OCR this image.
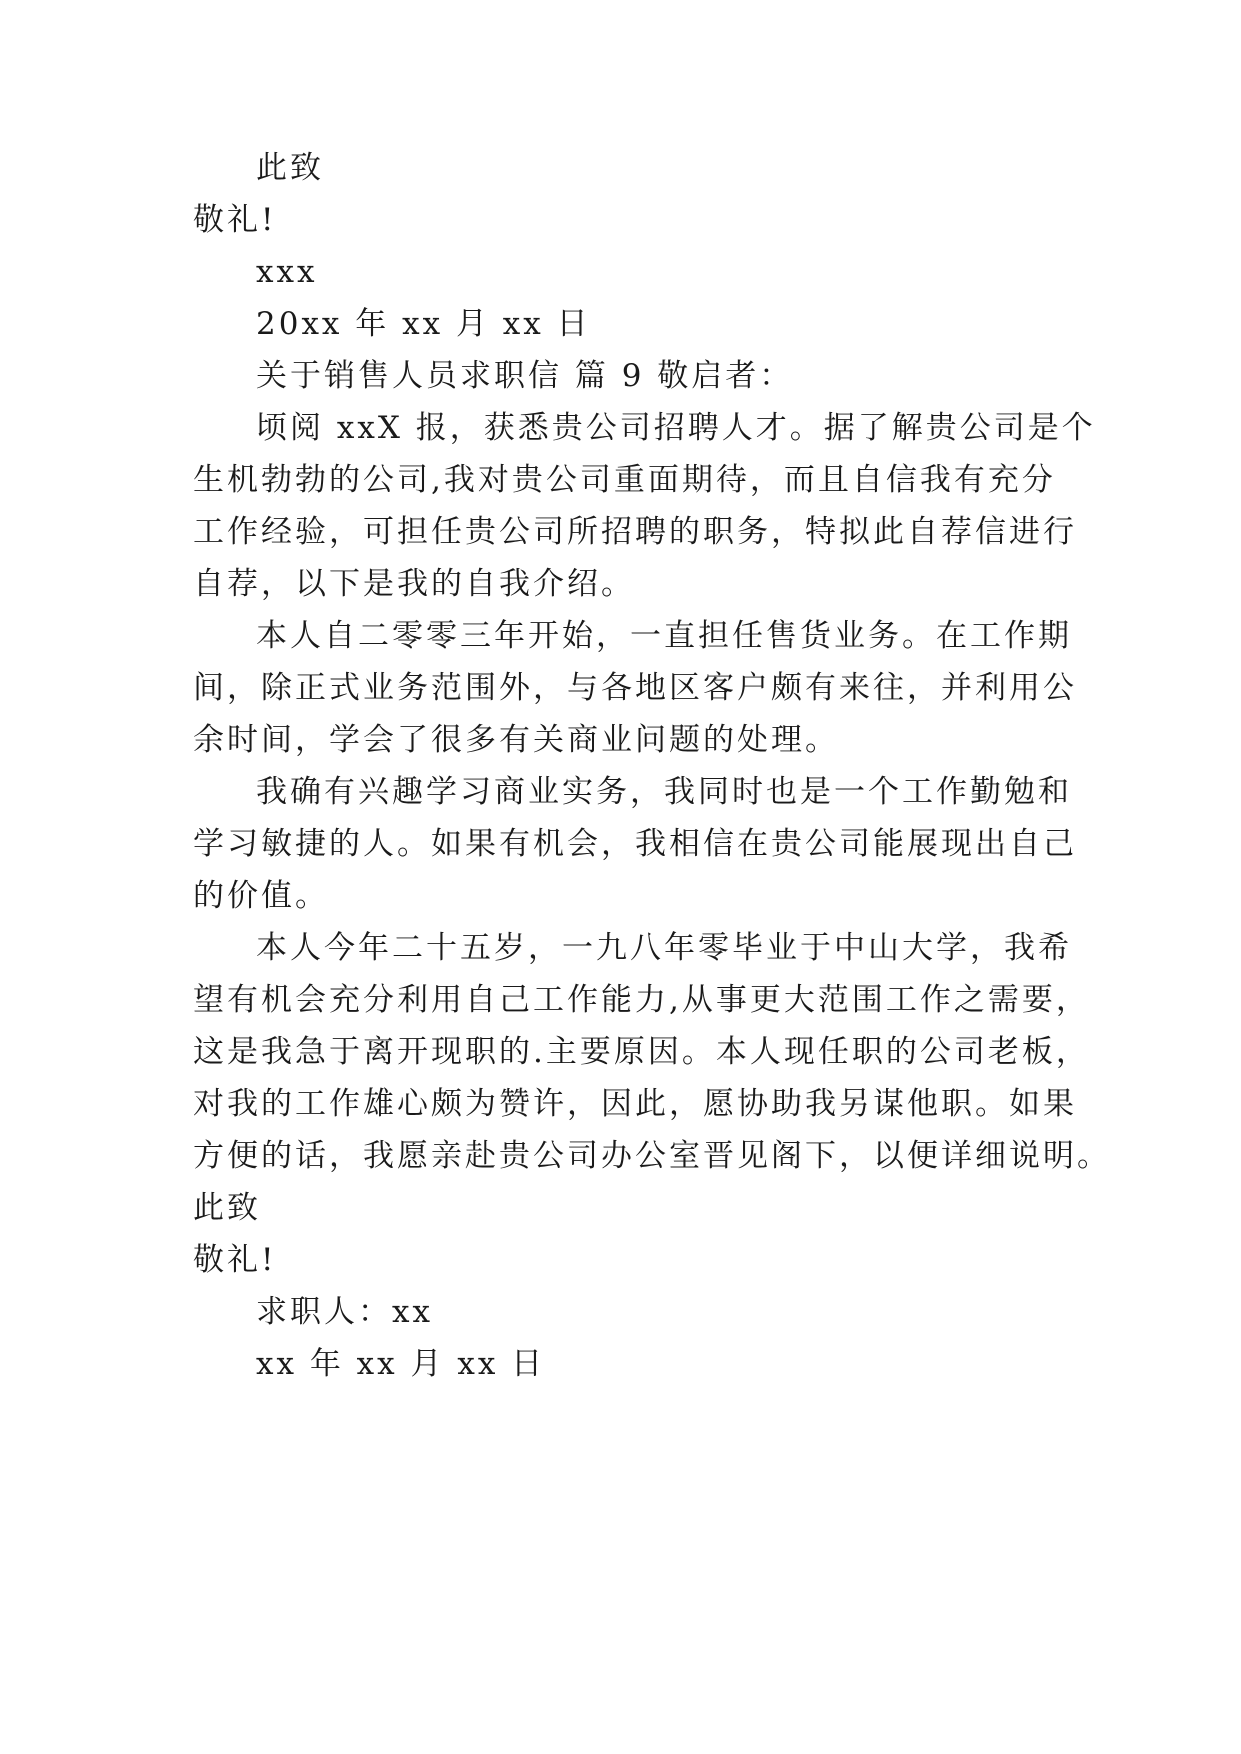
此致
敬礼!
xxx
20xx 年 xx 月 xx 日
关于销售人员求职信 篇 9 敬启者：
顷阅 xxX 报，获悉贵公司招聘人才。据了解贵公司是个
生机勃勃的公司,我对贵公司重面期待，而且自信我有充分
工作经验，可担任贵公司所招聘的职务，特拟此自荐信进行
自荐，以下是我的自我介绍。
本人自二零零三年开始，一直担任售货业务。在工作期
间，除正式业务范围外，与各地区客户颇有来往，并利用公
余时间，学会了很多有关商业问题的处理。
我确有兴趣学习商业实务，我同时也是一个工作勤勉和
学习敏捷的人。如果有机会，我相信在贵公司能展现出自己
的价值。
本人今年二十五岁，一九八年零毕业于中山大学，我希
望有机会充分利用自己工作能力,从事更大范围工作之需要，
这是我急于离开现职的.主要原因。本人现任职的公司老板，
对我的工作雄心颇为赞许，因此，愿协助我另谋他职。如果
方便的话，我愿亲赴贵公司办公室晋见阁下，以便详细说明。
此致
敬礼!
求职人：xx
xx 年 xx 月 xx 日
